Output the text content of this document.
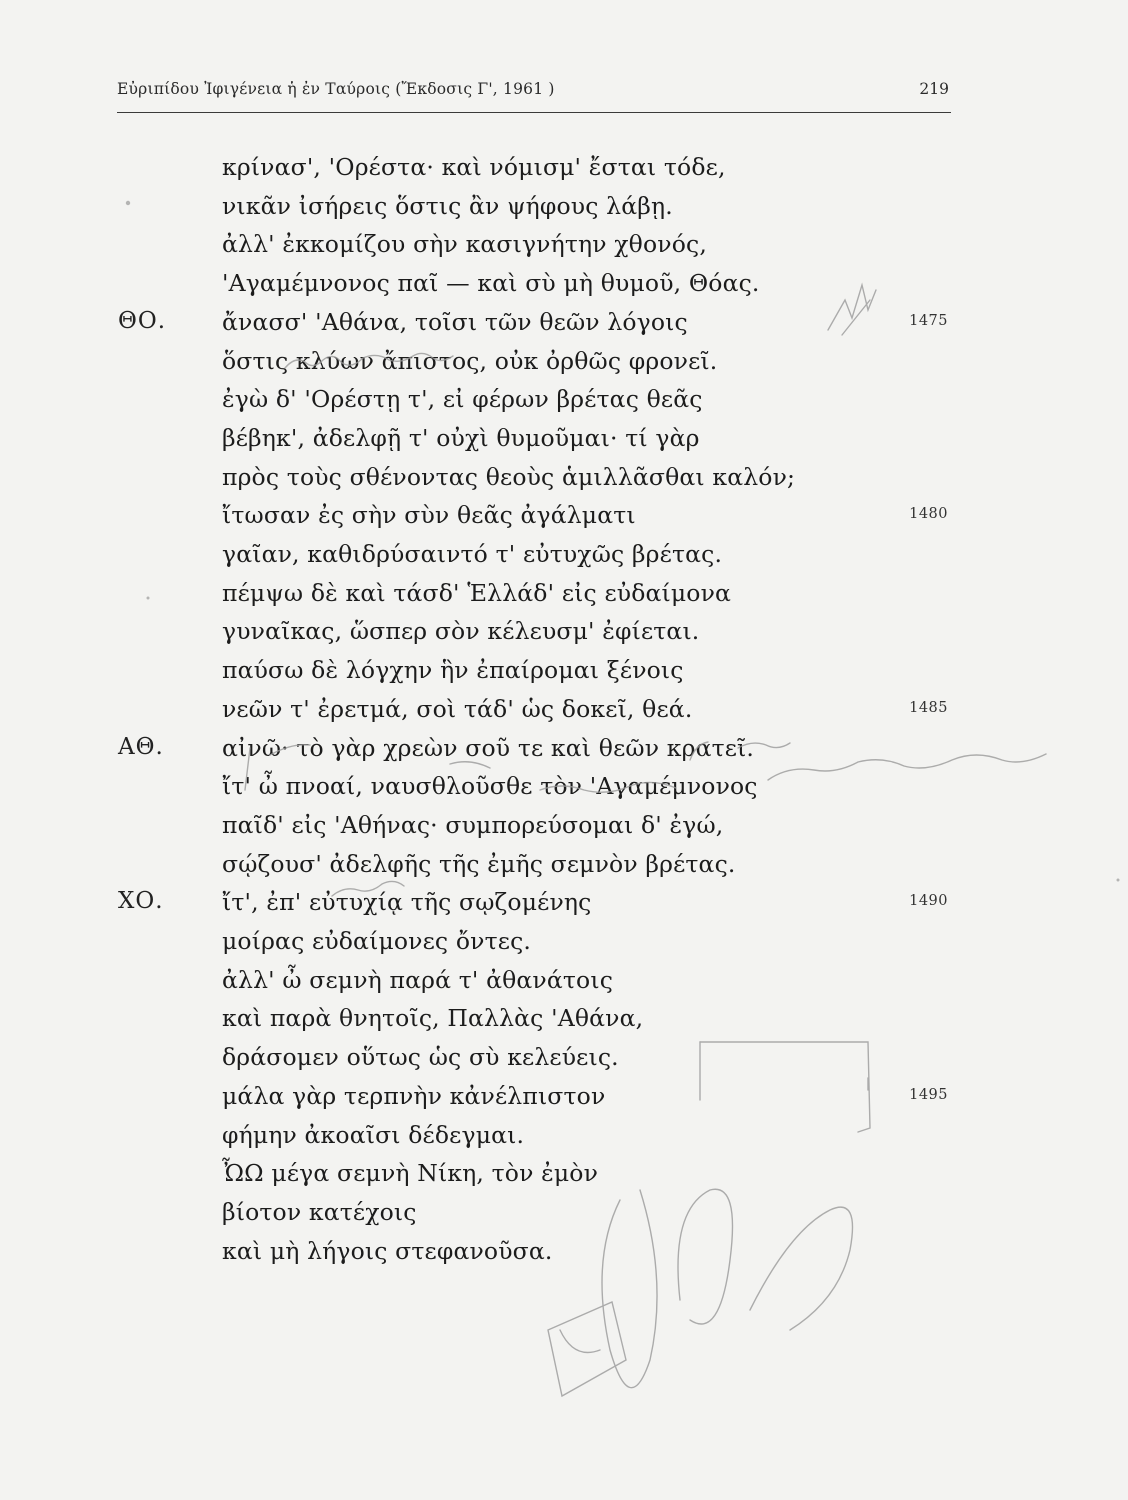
Εὐριπίδου Ἰφιγένεια ἡ ἐν Ταύροις (Ἔκδοσις Γ', 1961 )	219
κρίνασ', 'Ορέστα· καὶ νόμισμ' ἔσται τόδε,
νικᾶν ἰσήρεις ὅστις ἂν ψήφους λάβῃ.
ἀλλ' ἐκκομίζου σὴν κασιγνήτην χθονός,
'Αγαμέμνονος παῖ — καὶ σὺ μὴ θυμοῦ, Θόας.
ΘΟ. ἄνασσ' 'Αθάνα, τοῖσι τῶν θεῶν λόγοις	1475
ὅστις κλύων ἄπιστος, οὐκ ὀρθῶς φρονεῖ.
ἐγὼ δ' 'Ορέστῃ τ', εἰ φέρων βρέτας θεᾶς
βέβηκ', ἀδελφῇ τ' οὐχὶ θυμοῦμαι· τί γὰρ
πρὸς τοὺς σθένοντας θεοὺς ἁμιλλᾶσθαι καλόν;
ἴτωσαν ἐς σὴν σὺν θεᾶς ἀγάλματι	1480
γαῖαν, καθιδρύσαιντό τ' εὐτυχῶς βρέτας.
πέμψω δὲ καὶ τάσδ' Ἑλλάδ' εἰς εὐδαίμονα
γυναῖκας, ὥσπερ σὸν κέλευσμ' ἐφίεται.
παύσω δὲ λόγχην ἣν ἐπαίρομαι ξένοις
νεῶν τ' ἐρετμά, σοὶ τάδ' ὡς δοκεῖ, θεά.	1485
ΑΘ. αἰνῶ· τὸ γὰρ χρεὼν σοῦ τε καὶ θεῶν κρατεῖ.
ἴτ' ὦ πνοαί, ναυσθλοῦσθε τὸν 'Αγαμέμνονος
παῖδ' εἰς 'Αθήνας· συμπορεύσομαι δ' ἐγώ,
σῴζουσ' ἀδελφῆς τῆς ἐμῆς σεμνὸν βρέτας.
ΧΟ. ἴτ', ἐπ' εὐτυχίᾳ τῆς σῳζομένης	1490
μοίρας εὐδαίμονες ὄντες.
ἀλλ' ὦ σεμνὴ παρά τ' ἀθανάτοις
καὶ παρὰ θνητοῖς, Παλλὰς 'Αθάνα,
δράσομεν οὕτως ὡς σὺ κελεύεις.
μάλα γὰρ τερπνὴν κἀνέλπιστον	1495
φήμην ἀκοαῖσι δέδεγμαι.
ὮΩ μέγα σεμνὴ Νίκη, τὸν ἐμὸν
βίοτον κατέχοις
καὶ μὴ λήγοις στεφανοῦσα.
